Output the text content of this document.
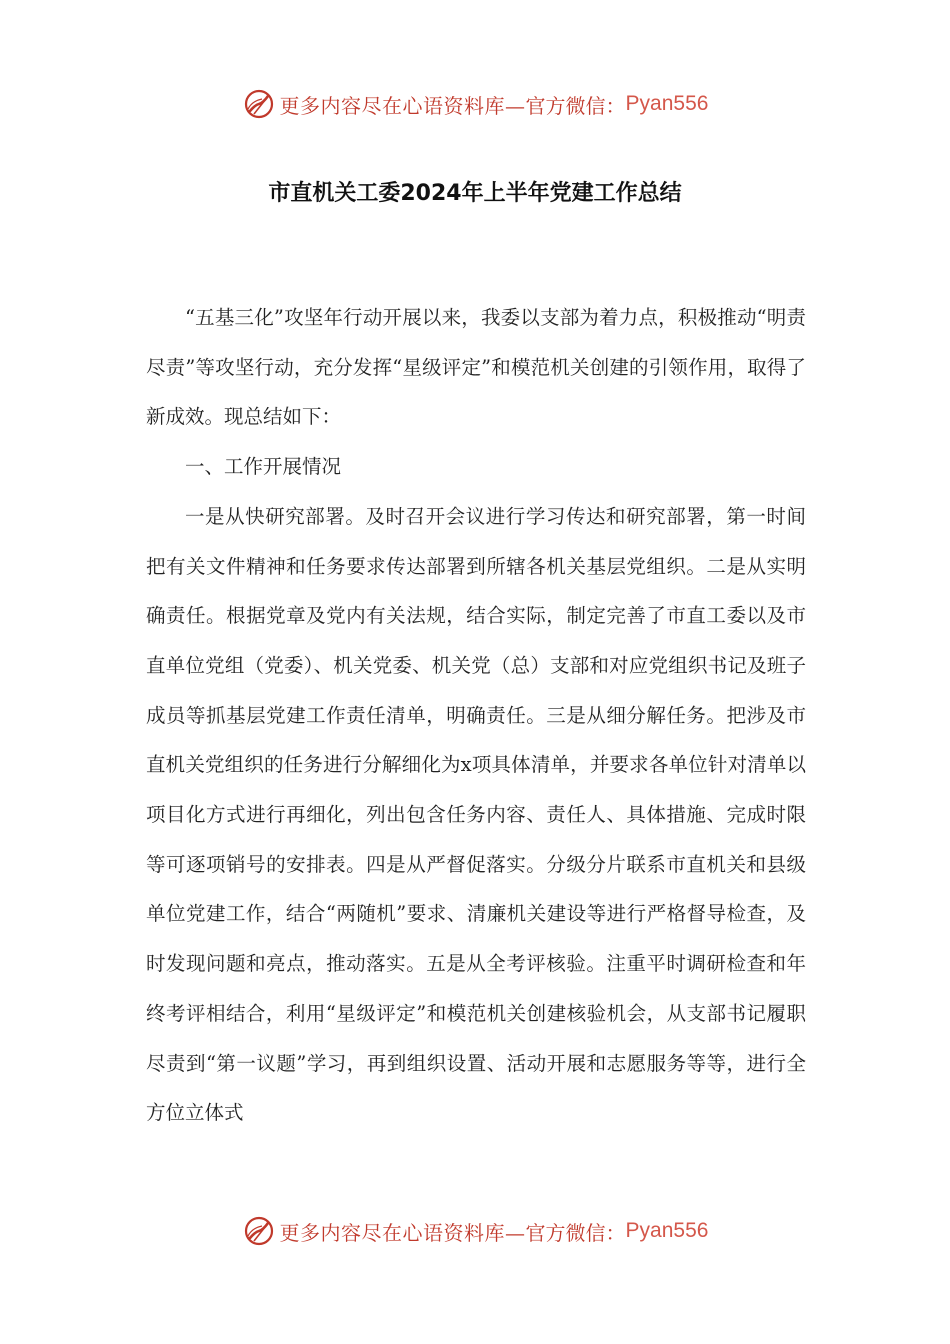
更多内容尽在心语资料库— 官方微信： Pyan556
市直机关工委2024年上半年党建工作总结

“五基三化”攻坚年行动开展以来，我委以支部为着力点，积极推动“明责尽责”等攻坚行动，充分发挥“星级评定”和模范机关创建的引领作用，取得了新成效。现总结如下：

一、工作开展情况

一是从快研究部署。及时召开会议进行学习传达和研究部署，第一时间把有关文件精神和任务要求传达部署到所辖各机关基层党组织。二是从实明确责任。根据党章及党内有关法规，结合实际，制定完善了市直工委以及市直单位党组（党委）、机关党委、机关党（总）支部和对应党组织书记及班子成员等抓基层党建工作责任清单，明确责任。三是从细分解任务。把涉及市直机关党组织的任务进行分解细化为x项具体清单，并要求各单位针对清单以项目化方式进行再细化，列出包含任务内容、责任人、具体措施、完成时限等可逐项销号的安排表。四是从严督促落实。分级分片联系市直机关和县级单位党建工作，结合“两随机”要求、清廉机关建设等进行严格督导检查，及时发现问题和亮点，推动落实。五是从全考评核验。注重平时调研检查和年终考评相结合，利用“星级评定”和模范机关创建核验机会，从支部书记履职尽责到“第一议题”学习，再到组织设置、活动开展和志愿服务等等，进行全方位立体式

更多内容尽在心语资料库— 官方微信： Pyan556
